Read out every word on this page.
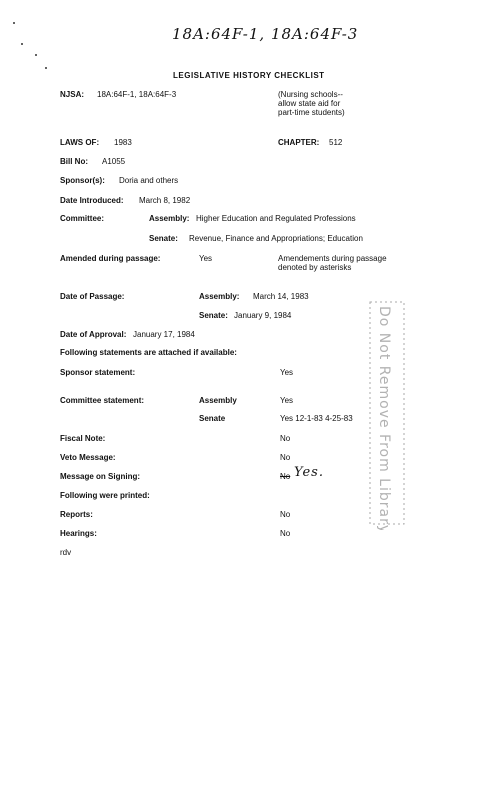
18A:64F-1, 18A:64F-3
LEGISLATIVE HISTORY CHECKLIST
NJSA: 18A:64F-1, 18A:64F-3	(Nursing schools--
allow state aid for
part-time students)
LAWS OF: 1983	CHAPTER: 512
Bill No: A1055
Sponsor(s): Doria and others
Date Introduced: March 8, 1982
Committee:	Assembly: Higher Education and Regulated Professions
Senate: Revenue, Finance and Appropriations; Education
Amended during passage:	Yes	Amendements during passage
denoted by asterisks
Date of Passage:	Assembly: March 14, 1983
Senate: January 9, 1984
Date of Approval: January 17, 1984
Following statements are attached if available:
Sponsor statement:	Yes
Committee statement:	Assembly	Yes
Senate	Yes 12-1-83 4-25-83
Fiscal Note:	No
Veto Message:	No
Message on Signing:	No Yes.
Following were printed:
Reports:	No
Hearings:	No
rdv
Do Not Remove From Library
